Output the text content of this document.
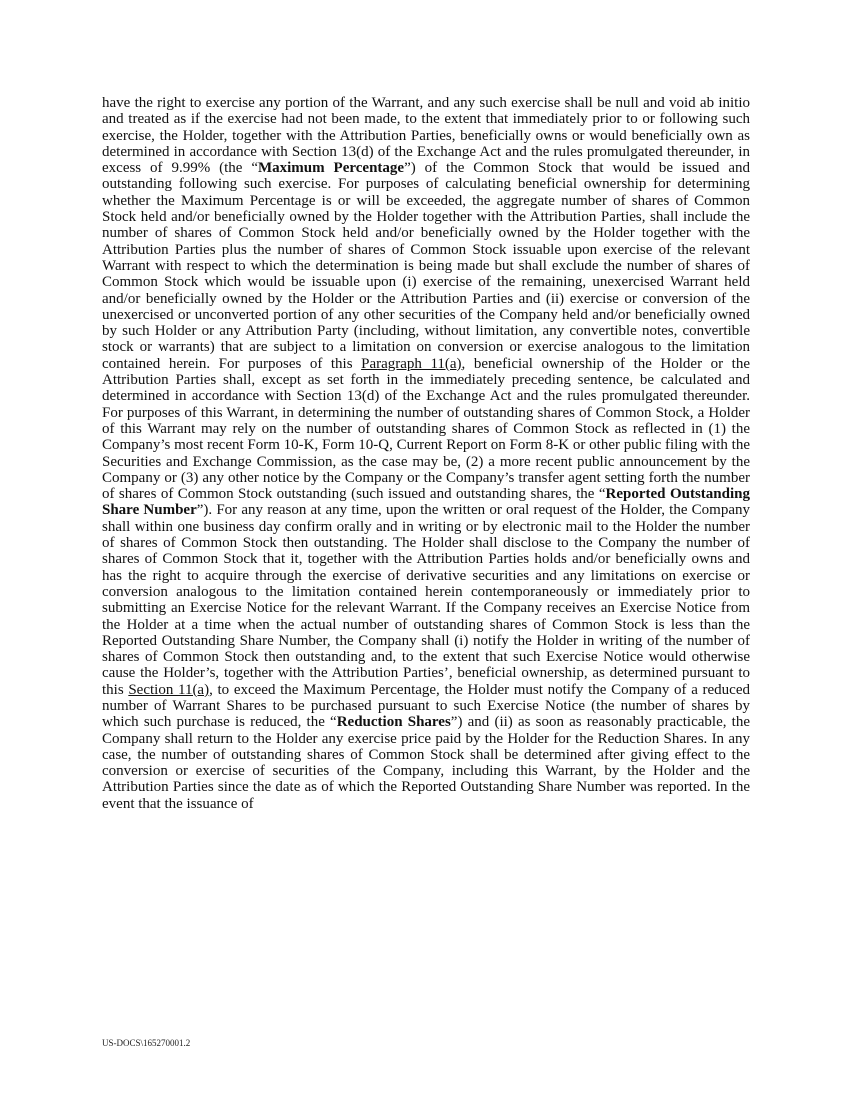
have the right to exercise any portion of the Warrant, and any such exercise shall be null and void ab initio and treated as if the exercise had not been made, to the extent that immediately prior to or following such exercise, the Holder, together with the Attribution Parties, beneficially owns or would beneficially own as determined in accordance with Section 13(d) of the Exchange Act and the rules promulgated thereunder, in excess of 9.99% (the “Maximum Percentage”) of the Common Stock that would be issued and outstanding following such exercise. For purposes of calculating beneficial ownership for determining whether the Maximum Percentage is or will be exceeded, the aggregate number of shares of Common Stock held and/or beneficially owned by the Holder together with the Attribution Parties, shall include the number of shares of Common Stock held and/or beneficially owned by the Holder together with the Attribution Parties plus the number of shares of Common Stock issuable upon exercise of the relevant Warrant with respect to which the determination is being made but shall exclude the number of shares of Common Stock which would be issuable upon (i) exercise of the remaining, unexercised Warrant held and/or beneficially owned by the Holder or the Attribution Parties and (ii) exercise or conversion of the unexercised or unconverted portion of any other securities of the Company held and/or beneficially owned by such Holder or any Attribution Party (including, without limitation, any convertible notes, convertible stock or warrants) that are subject to a limitation on conversion or exercise analogous to the limitation contained herein. For purposes of this Paragraph 11(a), beneficial ownership of the Holder or the Attribution Parties shall, except as set forth in the immediately preceding sentence, be calculated and determined in accordance with Section 13(d) of the Exchange Act and the rules promulgated thereunder. For purposes of this Warrant, in determining the number of outstanding shares of Common Stock, a Holder of this Warrant may rely on the number of outstanding shares of Common Stock as reflected in (1) the Company’s most recent Form 10-K, Form 10-Q, Current Report on Form 8-K or other public filing with the Securities and Exchange Commission, as the case may be, (2) a more recent public announcement by the Company or (3) any other notice by the Company or the Company’s transfer agent setting forth the number of shares of Common Stock outstanding (such issued and outstanding shares, the “Reported Outstanding Share Number”). For any reason at any time, upon the written or oral request of the Holder, the Company shall within one business day confirm orally and in writing or by electronic mail to the Holder the number of shares of Common Stock then outstanding. The Holder shall disclose to the Company the number of shares of Common Stock that it, together with the Attribution Parties holds and/or beneficially owns and has the right to acquire through the exercise of derivative securities and any limitations on exercise or conversion analogous to the limitation contained herein contemporaneously or immediately prior to submitting an Exercise Notice for the relevant Warrant. If the Company receives an Exercise Notice from the Holder at a time when the actual number of outstanding shares of Common Stock is less than the Reported Outstanding Share Number, the Company shall (i) notify the Holder in writing of the number of shares of Common Stock then outstanding and, to the extent that such Exercise Notice would otherwise cause the Holder’s, together with the Attribution Parties’, beneficial ownership, as determined pursuant to this Section 11(a), to exceed the Maximum Percentage, the Holder must notify the Company of a reduced number of Warrant Shares to be purchased pursuant to such Exercise Notice (the number of shares by which such purchase is reduced, the “Reduction Shares”) and (ii) as soon as reasonably practicable, the Company shall return to the Holder any exercise price paid by the Holder for the Reduction Shares. In any case, the number of outstanding shares of Common Stock shall be determined after giving effect to the conversion or exercise of securities of the Company, including this Warrant, by the Holder and the Attribution Parties since the date as of which the Reported Outstanding Share Number was reported. In the event that the issuance of

US-DOCS\165270001.2
